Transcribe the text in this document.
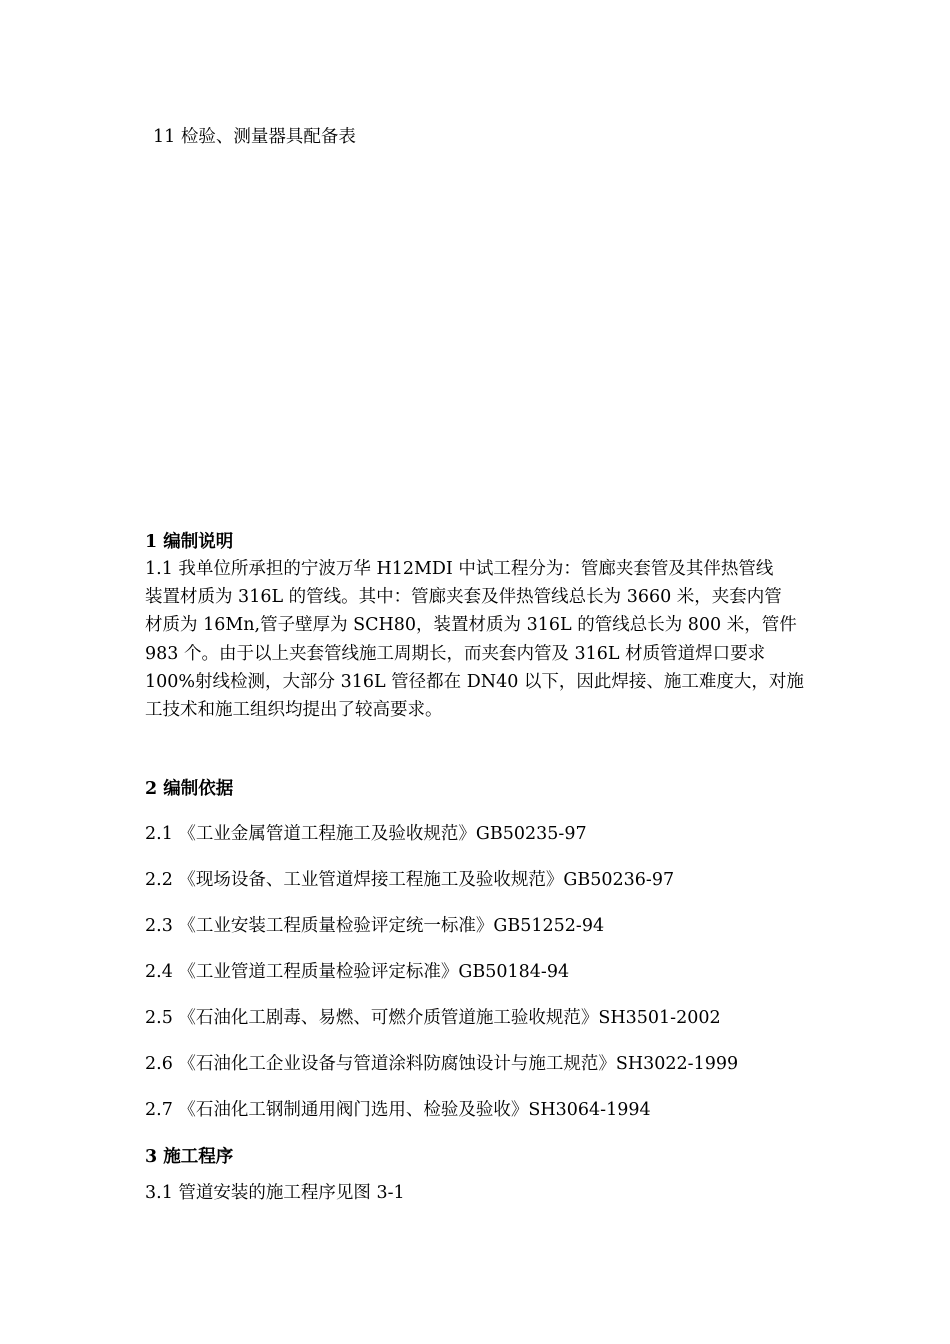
11 检验、测量器具配备表
1 编制说明
1.1 我单位所承担的宁波万华 H12MDI 中试工程分为：管廊夹套管及其伴热管线
装置材质为 316L 的管线。其中：管廊夹套及伴热管线总长为 3660 米，夹套内管
材质为 16Mn,管子壁厚为 SCH80，装置材质为 316L 的管线总长为 800 米，管件
983 个。由于以上夹套管线施工周期长，而夹套内管及 316L 材质管道焊口要求
100%射线检测，大部分 316L 管径都在 DN40 以下，因此焊接、施工难度大，对施
工技术和施工组织均提出了较高要求。
2 编制依据
2.1 《工业金属管道工程施工及验收规范》GB50235-97
2.2 《现场设备、工业管道焊接工程施工及验收规范》GB50236-97
2.3 《工业安装工程质量检验评定统一标准》GB51252-94
2.4 《工业管道工程质量检验评定标准》GB50184-94
2.5 《石油化工剧毒、易燃、可燃介质管道施工验收规范》SH3501-2002
2.6 《石油化工企业设备与管道涂料防腐蚀设计与施工规范》SH3022-1999
2.7 《石油化工钢制通用阀门选用、检验及验收》SH3064-1994
3 施工程序
3.1 管道安装的施工程序见图 3-1
